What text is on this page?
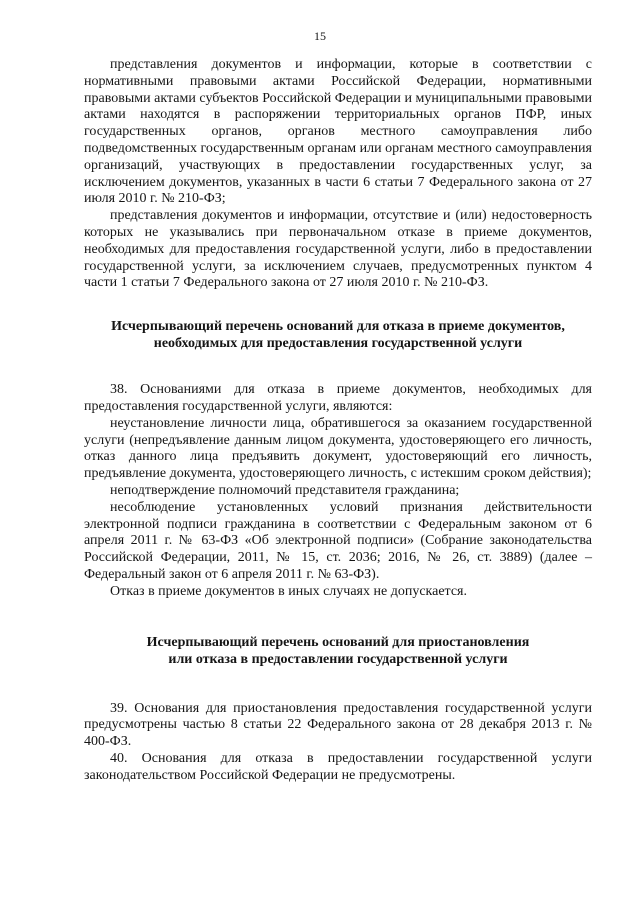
15

представления документов и информации, которые в соответствии с нормативными правовыми актами Российской Федерации, нормативными правовыми актами субъектов Российской Федерации и муниципальными правовыми актами находятся в распоряжении территориальных органов ПФР, иных государственных органов, органов местного самоуправления либо подведомственных государственным органам или органам местного самоуправления организаций, участвующих в предоставлении государственных услуг, за исключением документов, указанных в части 6 статьи 7 Федерального закона от 27 июля 2010 г. № 210-ФЗ;

представления документов и информации, отсутствие и (или) недостоверность которых не указывались при первоначальном отказе в приеме документов, необходимых для предоставления государственной услуги, либо в предоставлении государственной услуги, за исключением случаев, предусмотренных пунктом 4 части 1 статьи 7 Федерального закона от 27 июля 2010 г. № 210-ФЗ.

Исчерпывающий перечень оснований для отказа в приеме документов,
необходимых для предоставления государственной услуги

38. Основаниями для отказа в приеме документов, необходимых для предоставления государственной услуги, являются:

неустановление личности лица, обратившегося за оказанием государственной услуги (непредъявление данным лицом документа, удостоверяющего его личность, отказ данного лица предъявить документ, удостоверяющий его личность, предъявление документа, удостоверяющего личность, с истекшим сроком действия);

неподтверждение полномочий представителя гражданина;

несоблюдение установленных условий признания действительности электронной подписи гражданина в соответствии с Федеральным законом от 6 апреля 2011 г. № 63-ФЗ «Об электронной подписи» (Собрание законодательства Российской Федерации, 2011, № 15, ст. 2036; 2016, № 26, ст. 3889) (далее – Федеральный закон от 6 апреля 2011 г. № 63-ФЗ).

Отказ в приеме документов в иных случаях не допускается.

Исчерпывающий перечень оснований для приостановления
или отказа в предоставлении государственной услуги

39. Основания для приостановления предоставления государственной услуги предусмотрены частью 8 статьи 22 Федерального закона от 28 декабря 2013 г. № 400-ФЗ.

40. Основания для отказа в предоставлении государственной услуги законодательством Российской Федерации не предусмотрены.
